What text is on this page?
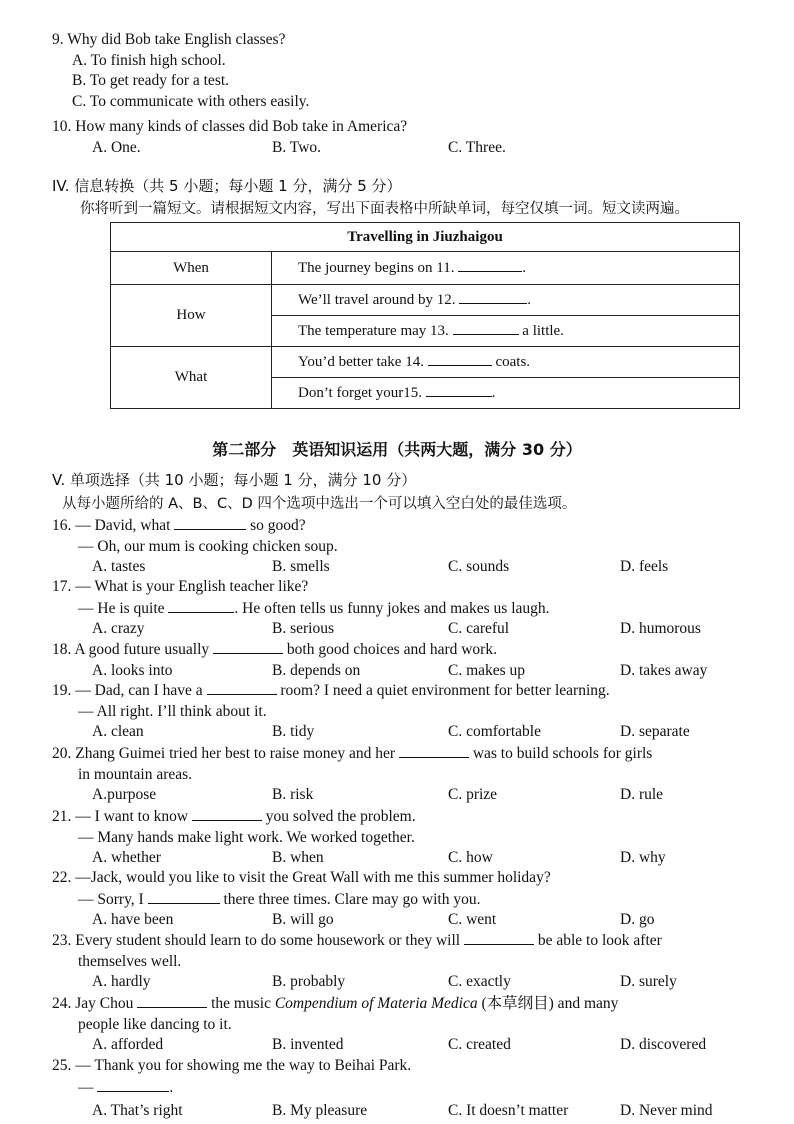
9. Why did Bob take English classes?
A. To finish high school.
B. To get ready for a test.
C. To communicate with others easily.
10. How many kinds of classes did Bob take in America?
A. One.	B. Two.	C. Three.
IV. 信息转换（共 5 小题；每小题 1 分，满分 5 分）
你将听到一篇短文。请根据短文内容，写出下面表格中所缺单词，每空仅填一词。短文读两遍。
Travelling in Jiuzhaigou	
When	The journey begins on 11. .
How	We’ll travel around by 12. .
	The temperature may 13. a little.
What	You’d better take 14. coats.
	Don’t forget your15. .
第二部分　英语知识运用（共两大题，满分 30 分）
V. 单项选择（共 10 小题；每小题 1 分，满分 10 分）
从每小题所给的 A、B、C、D 四个选项中选出一个可以填入空白处的最佳选项。
16. — David, what	so good?
— Oh, our mum is cooking chicken soup.
A. tastes	B. smells	C. sounds	D. feels
17. — What is your English teacher like?
— He is quite	. He often tells us funny jokes and makes us laugh.
A. crazy	B. serious	C. careful	D. humorous
18. A good future usually	both good choices and hard work.
A. looks into	B. depends on	C. makes up	D. takes away
19. — Dad, can I have a	room? I need a quiet environment for better learning.
— All right. I’ll think about it.
A. clean	B. tidy	C. comfortable	D. separate
20. Zhang Guimei tried her best to raise money and her	was to build schools for girls
in mountain areas.
A.purpose	B. risk	C. prize	D. rule
21. — I want to know	you solved the problem.
— Many hands make light work. We worked together.
A. whether	B. when	C. how	D. why
22. —Jack, would you like to visit the Great Wall with me this summer holiday?
— Sorry, I	there three times. Clare may go with you.
A. have been	B. will go	C. went	D. go
23. Every student should learn to do some housework or they will	be able to look after
themselves well.
A. hardly	B. probably	C. exactly	D. surely
24. Jay Chou	the music Compendium of Materia Medica (本草纲目) and many
people like dancing to it.
A. afforded	B. invented	C. created	D. discovered
25. — Thank you for showing me the way to Beihai Park.
—	.
A. That’s right	B. My pleasure	C. It doesn’t matter	D. Never mind
